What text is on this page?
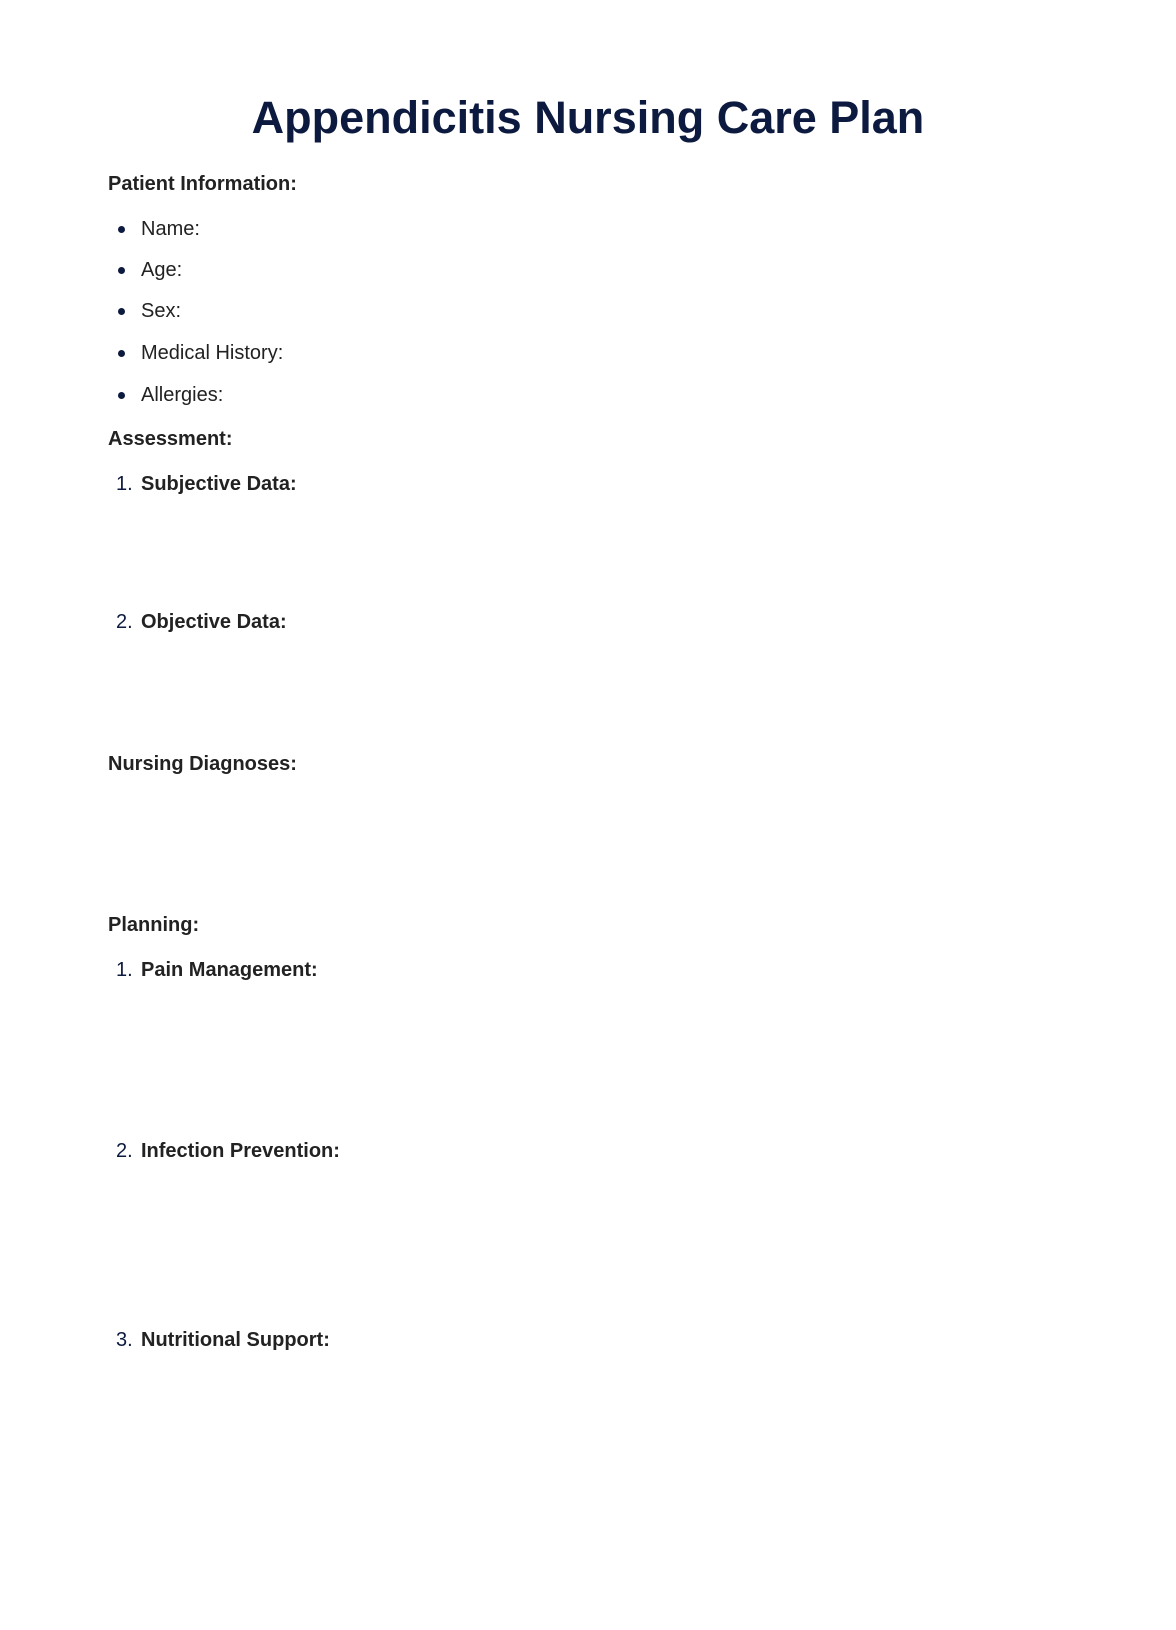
Appendicitis Nursing Care Plan
Patient Information:
Name:
Age:
Sex:
Medical History:
Allergies:
Assessment:
1. Subjective Data:
2. Objective Data:
Nursing Diagnoses:
Planning:
1. Pain Management:
2. Infection Prevention:
3. Nutritional Support:
